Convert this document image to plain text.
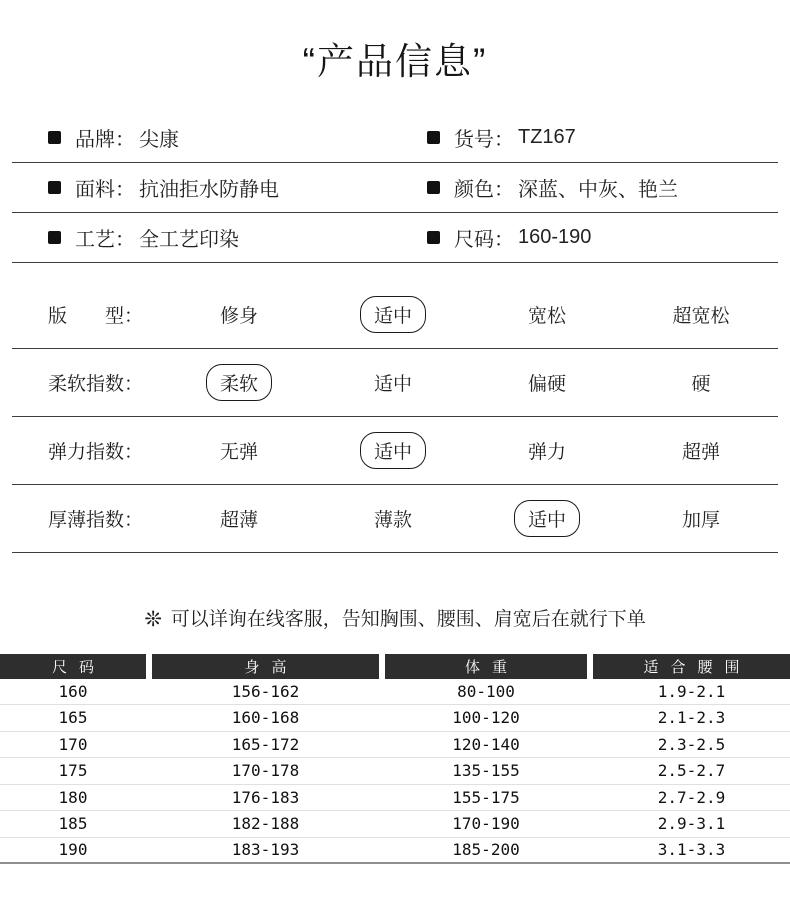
“产品信息”
品牌： 尖康	货号： TZ167
面料： 抗油拒水防静电	颜色： 深蓝、中灰、艳兰
工艺： 全工艺印染	尺码： 160-190
版　　型：	修身	适中	宽松	超宽松
柔软指数：	柔软	适中	偏硬	硬
弹力指数：	无弹	适中	弹力	超弹
厚薄指数：	超薄	薄款	适中	加厚
❊ 可以详询在线客服，告知胸围、腰围、肩宽后在就行下单
尺码	身高	体重	适合腰围
160	156-162	80-100	1.9-2.1
165	160-168	100-120	2.1-2.3
170	165-172	120-140	2.3-2.5
175	170-178	135-155	2.5-2.7
180	176-183	155-175	2.7-2.9
185	182-188	170-190	2.9-3.1
190	183-193	185-200	3.1-3.3
